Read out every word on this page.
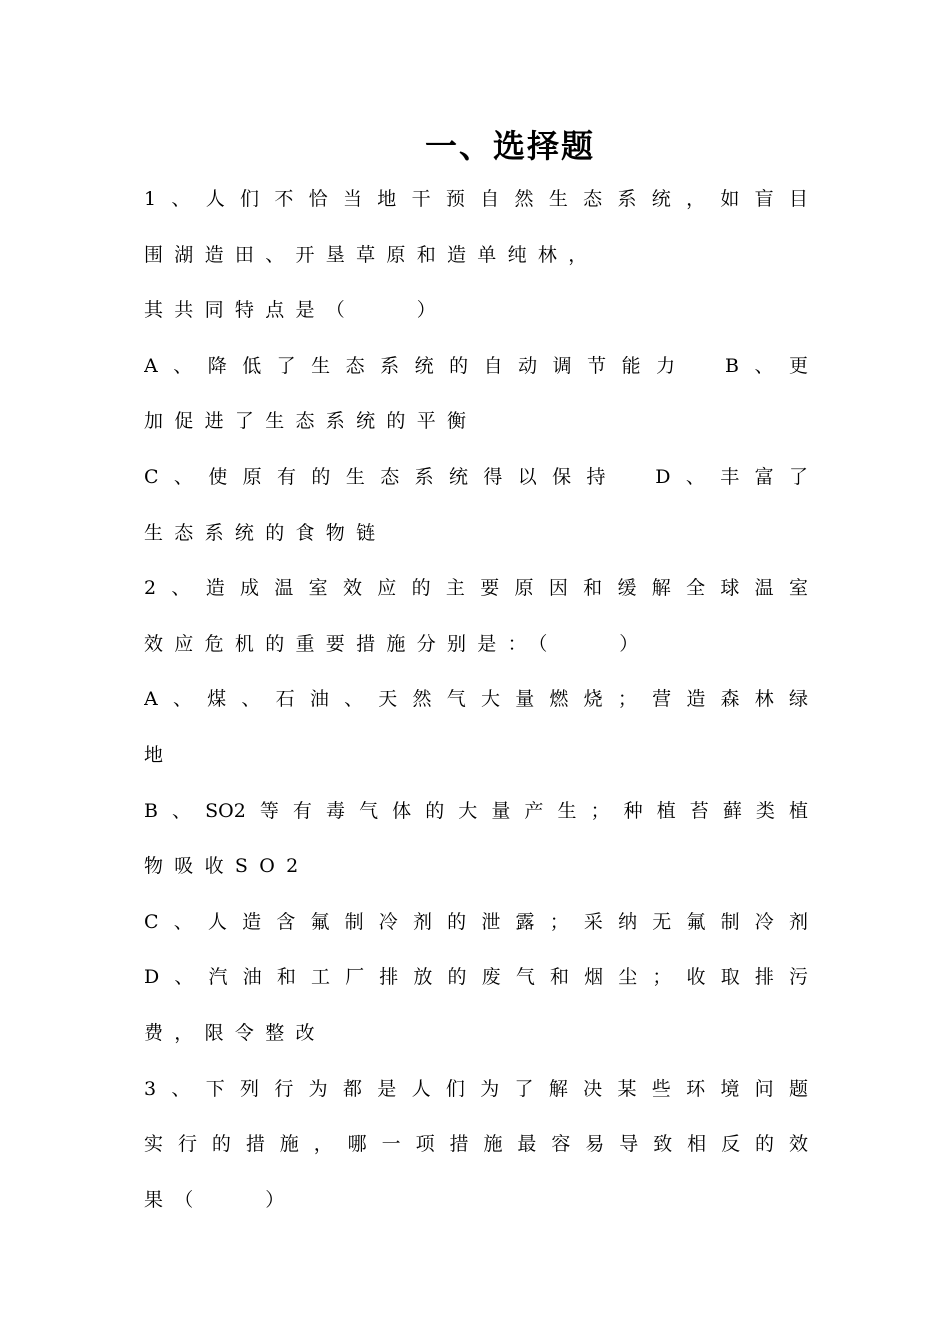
一、选择题
1、人们不恰当地干预自然生态系统，如盲目
围湖造田、开垦草原和造单纯林，
其共同特点是（　　）
A、降低了生态系统的自动调节能力　B、更
加促进了生态系统的平衡
C、使原有的生态系统得以保持　D、丰富了
生态系统的食物链
2、造成温室效应的主要原因和缓解全球温室
效应危机的重要措施分别是：（　　）
A、煤、石油、天然气大量燃烧；营造森林绿
地
B、SO2等有毒气体的大量产生；种植苔藓类植
物吸收SO2
C、人造含氟制冷剂的泄露；采纳无氟制冷剂
D、汽油和工厂排放的废气和烟尘；收取排污
费，限令整改
3、下列行为都是人们为了解决某些环境问题
实行的措施，哪一项措施最容易导致相反的效
果（　　）
